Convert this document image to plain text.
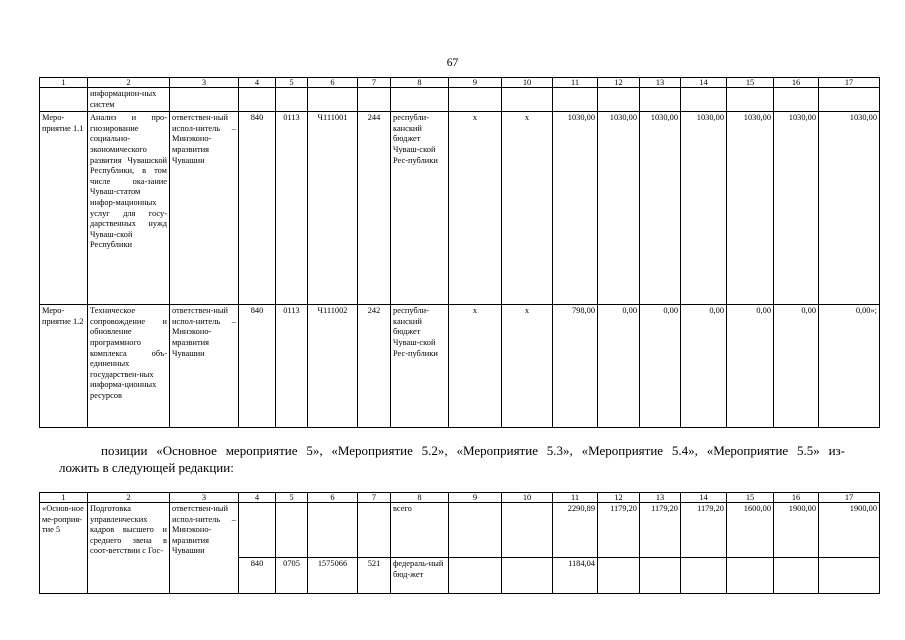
67
1	2	3	4	5	6	7	8	9	10	11	12	13	14	15	16	17
	информацион-ных систем															
Меро-приятие 1.1	Анализ и про-гнозирование социально-экономического развития Чувашской Республики, в том числе ока-зание Чуваш-статом инфор-мационных услуг для госу-дарственных нужд Чуваш-ской Республики	ответствен-ный испол-нитель – Минэконо-мразвития Чувашии	840	0113	Ч111001	244	республи-канский бюджет Чуваш-ской Рес-публики	x	x	1030,00	1030,00	1030,00	1030,00	1030,00	1030,00	1030,00
Меро-приятие 1.2	Техническое сопровождение и обновление программного комплекса объ-единенных государствен-ных информа-ционных ресурсов	ответствен-ный испол-нитель – Минэконо-мразвития Чувашии	840	0113	Ч111002	242	республи-канский бюджет Чуваш-ской Рес-публики	x	x	798,00	0,00	0,00	0,00	0,00	0,00	0,00»;
позиции «Основное мероприятие 5», «Мероприятие 5.2», «Мероприятие 5.3», «Мероприятие 5.4», «Мероприятие 5.5» из-
ложить в следующей редакции:
1	2	3	4	5	6	7	8	9	10	11	12	13	14	15	16	17
«Основ-ное ме-роприя-тие 5	Подготовка управленческих кадров высшего и среднего звена в соот-ветствии с Гос-	ответствен-ный испол-нитель – Минэконо-мразвития Чувашии					всего			2290,89	1179,20	1179,20	1179,20	1600,00	1900,00	1900,00
			840	0705	1575066	521	федераль-ный бюд-жет			1184,04						
